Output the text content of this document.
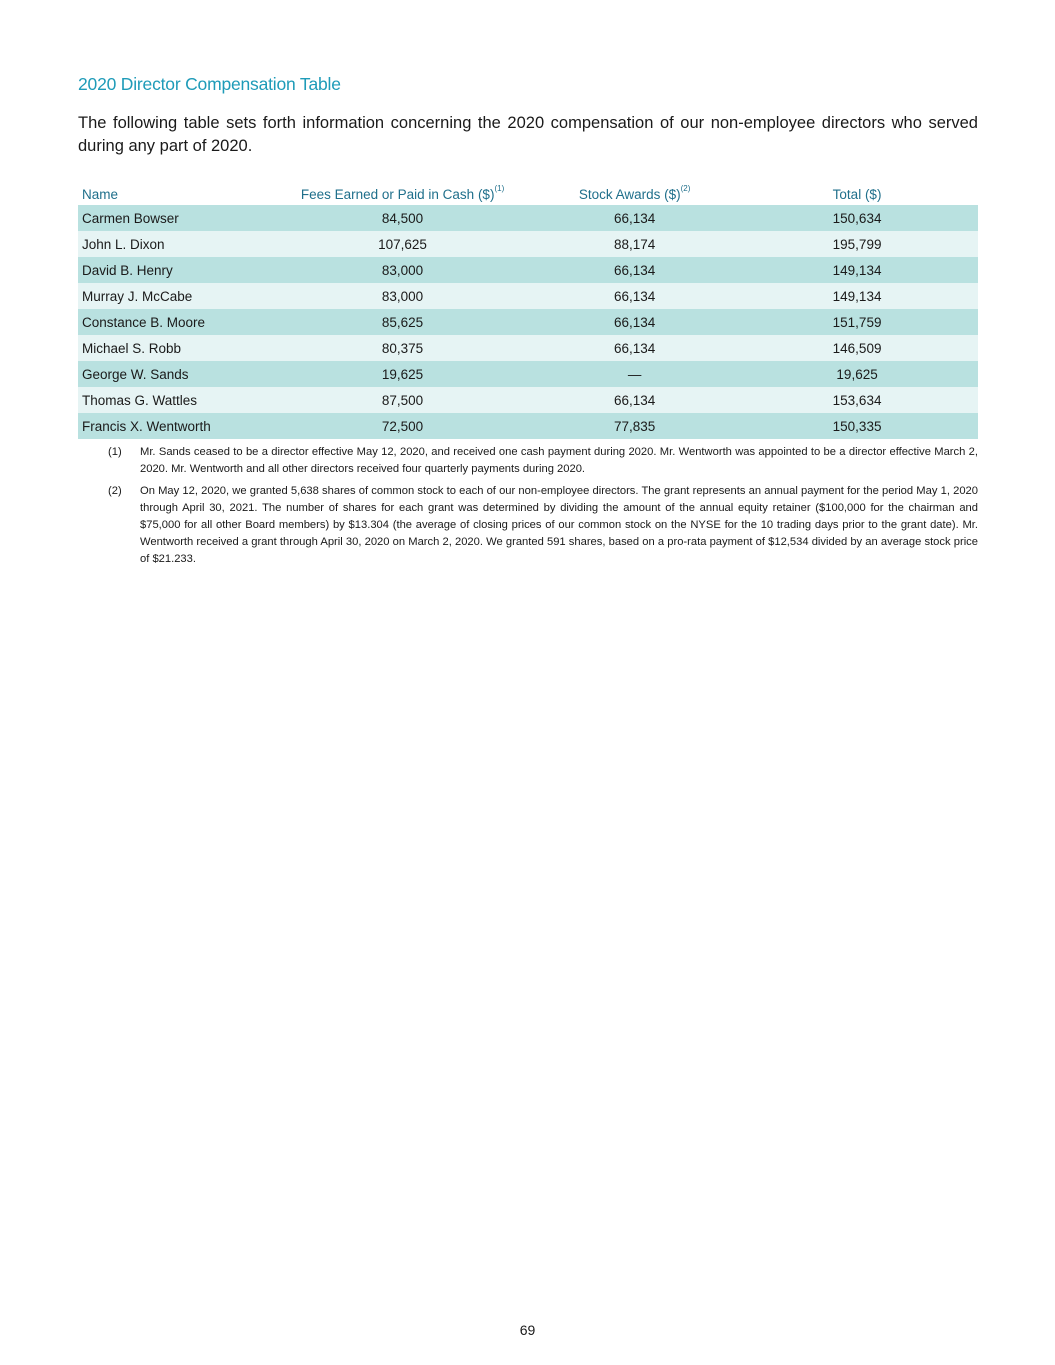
2020 Director Compensation Table

The following table sets forth information concerning the 2020 compensation of our non-employee directors who served during any part of 2020.

Name	Fees Earned or Paid in Cash ($)$^{(1)}$	Stock Awards ($)$^{(2)}$	Total ($)
Carmen Bowser	84,500	66,134	150,634
John L. Dixon	107,625	88,174	195,799
David B. Henry	83,000	66,134	149,134
Murray J. McCabe	83,000	66,134	149,134
Constance B. Moore	85,625	66,134	151,759
Michael S. Robb	80,375	66,134	146,509
George W. Sands	19,625	—	19,625
Thomas G. Wattles	87,500	66,134	153,634
Francis X. Wentworth	72,500	77,835	150,335
(1)	Mr. Sands ceased to be a director effective May 12, 2020, and received one cash payment during 2020. Mr. Wentworth was appointed to be a director effective March 2, 2020. Mr. Wentworth and all other directors received four quarterly payments during 2020.
(2)	On May 12, 2020, we granted 5,638 shares of common stock to each of our non-employee directors. The grant represents an annual payment for the period May 1, 2020 through April 30, 2021. The number of shares for each grant was determined by dividing the amount of the annual equity retainer ($100,000 for the chairman and $75,000 for all other Board members) by $13.304 (the average of closing prices of our common stock on the NYSE for the 10 trading days prior to the grant date). Mr. Wentworth received a grant through April 30, 2020 on March 2, 2020. We granted 591 shares, based on a pro-rata payment of $12,534 divided by an average stock price of $21.233.
69
